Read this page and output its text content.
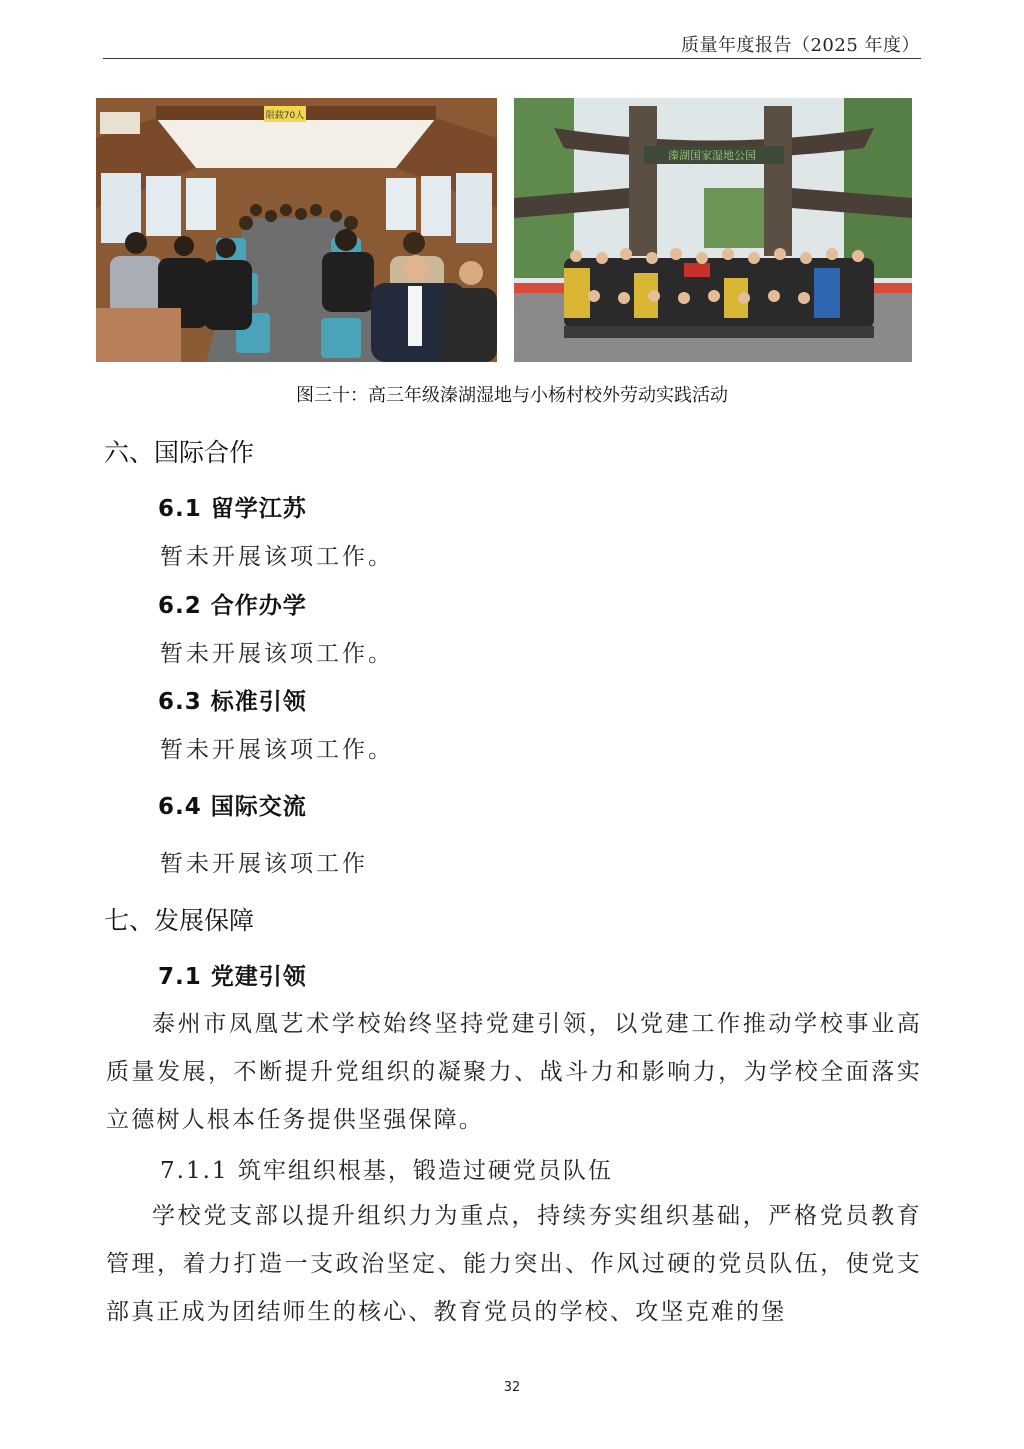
质量年度报告（2025 年度）
限载70人
溱湖国家湿地公园
图三十：高三年级溱湖湿地与小杨村校外劳动实践活动
六、国际合作
6.1 留学江苏
暂未开展该项工作。
6.2 合作办学
暂未开展该项工作。
6.3 标准引领
暂未开展该项工作。
6.4 国际交流
暂未开展该项工作
七、发展保障
7.1 党建引领

泰州市凤凰艺术学校始终坚持党建引领，以党建工作推动学校事业高质量发展，不断提升党组织的凝聚力、战斗力和影响力，为学校全面落实立德树人根本任务提供坚强保障。

7.1.1 筑牢组织根基，锻造过硬党员队伍

学校党支部以提升组织力为重点，持续夯实组织基础，严格党员教育管理，着力打造一支政治坚定、能力突出、作风过硬的党员队伍，使党支部真正成为团结师生的核心、教育党员的学校、攻坚克难的堡

32
